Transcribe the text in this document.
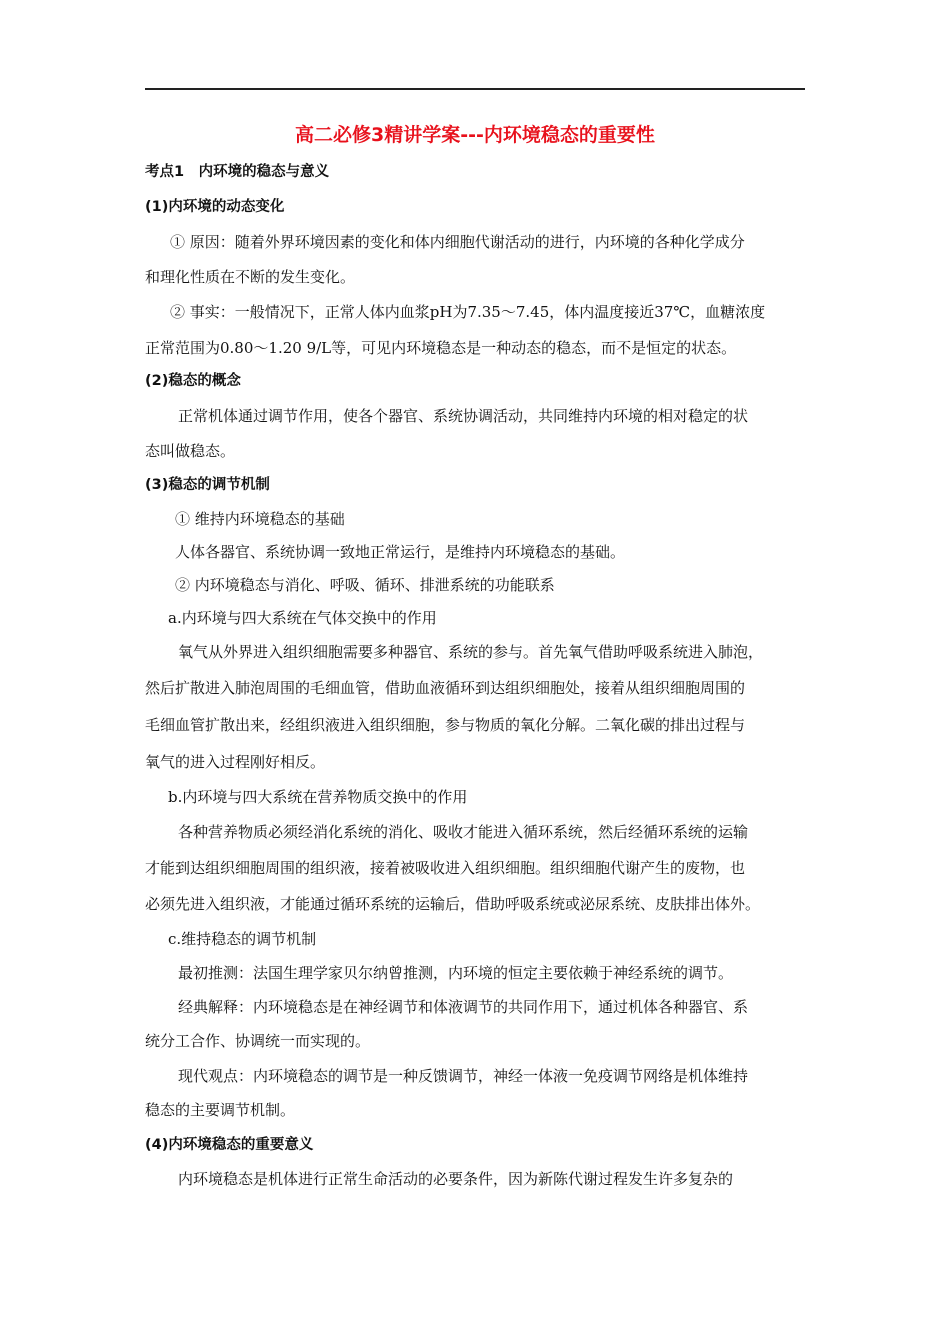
高二必修3精讲学案---内环境稳态的重要性
考点1　内环境的稳态与意义
(1)内环境的动态变化
① 原因：随着外界环境因素的变化和体内细胞代谢活动的进行，内环境的各种化学成分
和理化性质在不断的发生变化。
② 事实：一般情况下，正常人体内血浆pH为7.35～7.45，体内温度接近37℃，血糖浓度
正常范围为0.80～1.20 9/L等，可见内环境稳态是一种动态的稳态，而不是恒定的状态。
(2)稳态的概念
正常机体通过调节作用，使各个器官、系统协调活动，共同维持内环境的相对稳定的状
态叫做稳态。
(3)稳态的调节机制
① 维持内环境稳态的基础
人体各器官、系统协调一致地正常运行，是维持内环境稳态的基础。
② 内环境稳态与消化、呼吸、循环、排泄系统的功能联系
a.内环境与四大系统在气体交换中的作用
氧气从外界进入组织细胞需要多种器官、系统的参与。首先氧气借助呼吸系统进入肺泡，
然后扩散进入肺泡周围的毛细血管，借助血液循环到达组织细胞处，接着从组织细胞周围的
毛细血管扩散出来，经组织液进入组织细胞，参与物质的氧化分解。二氧化碳的排出过程与
氧气的进入过程刚好相反。
b.内环境与四大系统在营养物质交换中的作用
各种营养物质必须经消化系统的消化、吸收才能进入循环系统，然后经循环系统的运输
才能到达组织细胞周围的组织液，接着被吸收进入组织细胞。组织细胞代谢产生的废物，也
必须先进入组织液，才能通过循环系统的运输后，借助呼吸系统或泌尿系统、皮肤排出体外。
c.维持稳态的调节机制
最初推测：法国生理学家贝尔纳曾推测，内环境的恒定主要依赖于神经系统的调节。
经典解释：内环境稳态是在神经调节和体液调节的共同作用下，通过机体各种器官、系
统分工合作、协调统一而实现的。
现代观点：内环境稳态的调节是一种反馈调节，神经一体液一免疫调节网络是机体维持
稳态的主要调节机制。
(4)内环境稳态的重要意义
内环境稳态是机体进行正常生命活动的必要条件，因为新陈代谢过程发生许多复杂的
